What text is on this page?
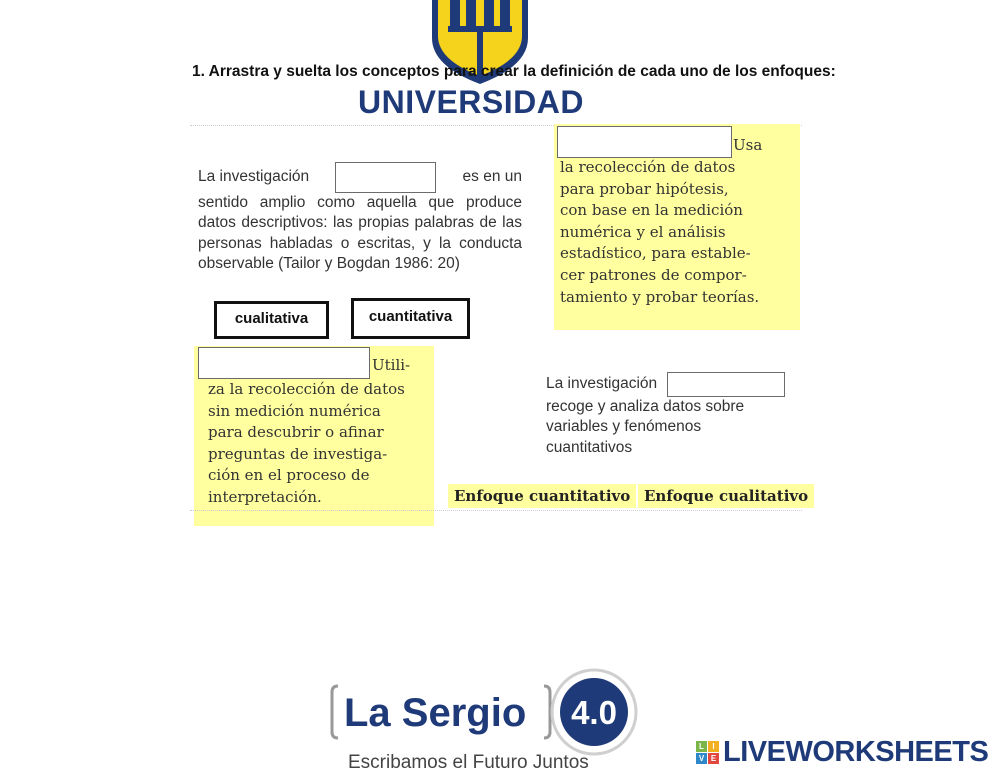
1. Arrastra y suelta los conceptos para crear la definición de cada uno de los enfoques:
UNIVERSIDAD
La investigación	es en un
sentido amplio como aquella que produce datos descriptivos: las propias palabras de las personas habladas o escritas, y la conducta observable (Tailor y Bogdan 1986: 20)
Usa
la recolección de datos
para probar hipótesis,
con base en la medición
numérica y el análisis
estadístico, para estable-
cer patrones de compor-
tamiento y probar teorías.
cualitativa	cuantitativa
Utili-
za la recolección de datos
sin medición numérica
para descubrir o afinar
preguntas de investiga-
ción en el proceso de
interpretación.
La investigación
recoge y analiza datos sobre variables y fenómenos cuantitativos
Enfoque cuantitativo Enfoque cualitativo
La Sergio 4.0
Escribamos el Futuro Juntos
L	I
V E LIVEWORKSHEETS
